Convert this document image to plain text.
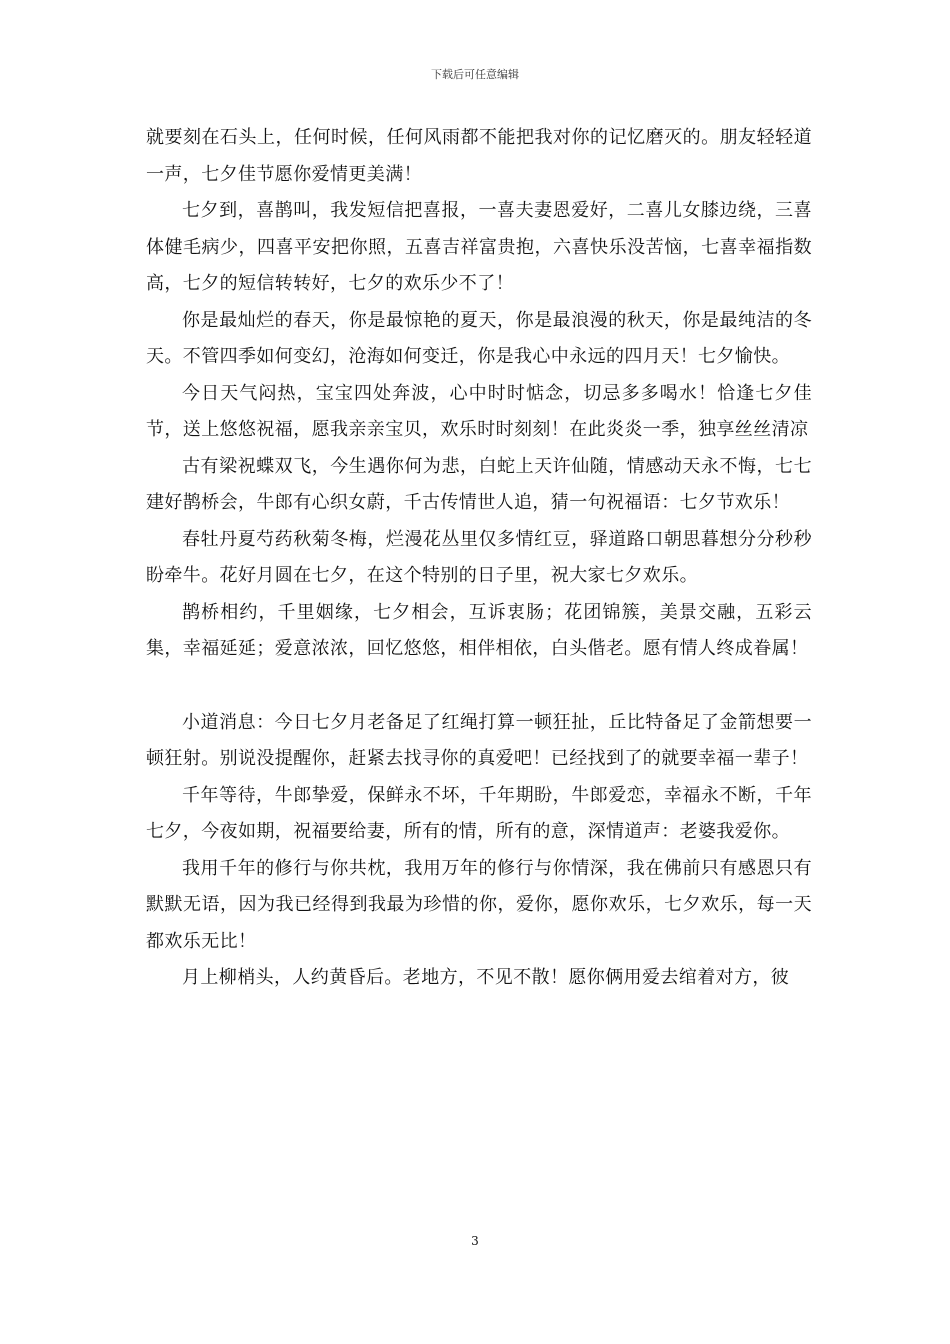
下载后可任意编辑

就要刻在石头上，任何时候，任何风雨都不能把我对你的记忆磨灭的。朋友轻轻道一声，七夕佳节愿你爱情更美满！

七夕到，喜鹊叫，我发短信把喜报，一喜夫妻恩爱好，二喜儿女膝边绕，三喜体健毛病少，四喜平安把你照，五喜吉祥富贵抱，六喜快乐没苦恼，七喜幸福指数高，七夕的短信转转好，七夕的欢乐少不了！

你是最灿烂的春天，你是最惊艳的夏天，你是最浪漫的秋天，你是最纯洁的冬天。不管四季如何变幻，沧海如何变迁，你是我心中永远的四月天！七夕愉快。

今日天气闷热，宝宝四处奔波，心中时时惦念，切忌多多喝水！恰逢七夕佳节，送上悠悠祝福，愿我亲亲宝贝，欢乐时时刻刻！在此炎炎一季，独享丝丝清凉

古有梁祝蝶双飞，今生遇你何为悲，白蛇上天许仙随，情感动天永不悔，七七建好鹊桥会，牛郎有心织女蔚，千古传情世人追，猜一句祝福语：七夕节欢乐！

春牡丹夏芍药秋菊冬梅，烂漫花丛里仅多情红豆，驿道路口朝思暮想分分秒秒盼牵牛。花好月圆在七夕，在这个特别的日子里，祝大家七夕欢乐。

鹊桥相约，千里姻缘，七夕相会，互诉衷肠；花团锦簇，美景交融，五彩云集，幸福延延；爱意浓浓，回忆悠悠，相伴相依，白头偕老。愿有情人终成眷属！

小道消息：今日七夕月老备足了红绳打算一顿狂扯，丘比特备足了金箭想要一顿狂射。别说没提醒你，赶紧去找寻你的真爱吧！已经找到了的就要幸福一辈子！

千年等待，牛郎挚爱，保鲜永不坏，千年期盼，牛郎爱恋，幸福永不断，千年七夕，今夜如期，祝福要给妻，所有的情，所有的意，深情道声：老婆我爱你。

我用千年的修行与你共枕，我用万年的修行与你情深，我在佛前只有感恩只有默默无语，因为我已经得到我最为珍惜的你，爱你，愿你欢乐，七夕欢乐，每一天都欢乐无比！

月上柳梢头，人约黄昏后。老地方，不见不散！愿你俩用爱去绾着对方，彼

3
